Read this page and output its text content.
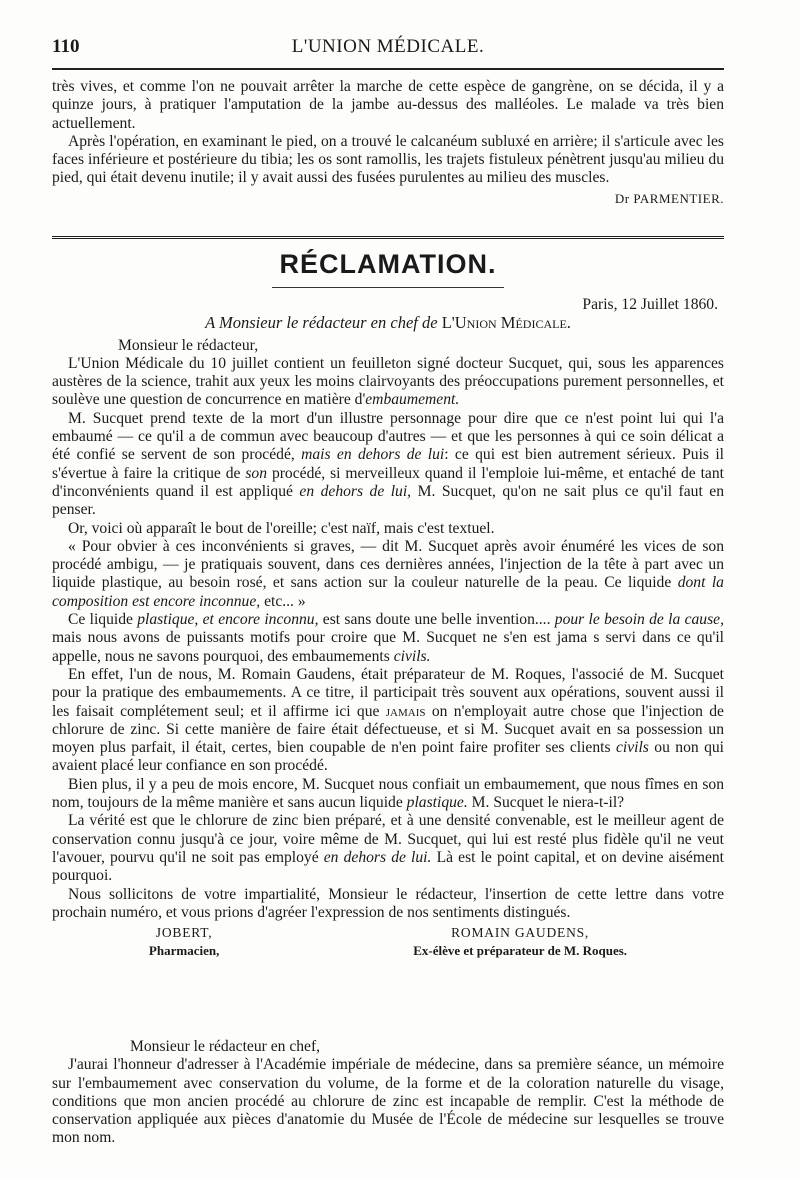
110	L'UNION MÉDICALE.

très vives, et comme l'on ne pouvait arrêter la marche de cette espèce de gangrène, on se décida, il y a quinze jours, à pratiquer l'amputation de la jambe au-dessus des malléoles. Le malade va très bien actuellement.

Après l'opération, en examinant le pied, on a trouvé le calcanéum subluxé en arrière; il s'articule avec les faces inférieure et postérieure du tibia; les os sont ramollis, les trajets fistuleux pénètrent jusqu'au milieu du pied, qui était devenu inutile; il y avait aussi des fusées purulentes au milieu des muscles.

Dr PARMENTIER.
RÉCLAMATION.
Paris, 12 Juillet 1860.
A Monsieur le rédacteur en chef de L'Union Médicale.

Monsieur le rédacteur,

L'Union Médicale du 10 juillet contient un feuilleton signé docteur Sucquet, qui, sous les apparences austères de la science, trahit aux yeux les moins clairvoyants des préoccupations purement personnelles, et soulève une question de concurrence en matière d'embaumement.

M. Sucquet prend texte de la mort d'un illustre personnage pour dire que ce n'est point lui qui l'a embaumé — ce qu'il a de commun avec beaucoup d'autres — et que les personnes à qui ce soin délicat a été confié se servent de son procédé, mais en dehors de lui: ce qui est bien autrement sérieux. Puis il s'évertue à faire la critique de son procédé, si merveilleux quand il l'emploie lui-même, et entaché de tant d'inconvénients quand il est appliqué en dehors de lui, M. Sucquet, qu'on ne sait plus ce qu'il faut en penser.

Or, voici où apparaît le bout de l'oreille; c'est naïf, mais c'est textuel.

« Pour obvier à ces inconvénients si graves, — dit M. Sucquet après avoir énuméré les vices de son procédé ambigu, — je pratiquais souvent, dans ces dernières années, l'injection de la tête à part avec un liquide plastique, au besoin rosé, et sans action sur la couleur naturelle de la peau. Ce liquide dont la composition est encore inconnue, etc... »

Ce liquide plastique, et encore inconnu, est sans doute une belle invention.... pour le besoin de la cause, mais nous avons de puissants motifs pour croire que M. Sucquet ne s'en est jama s servi dans ce qu'il appelle, nous ne savons pourquoi, des embaumements civils.

En effet, l'un de nous, M. Romain Gaudens, était préparateur de M. Roques, l'associé de M. Sucquet pour la pratique des embaumements. A ce titre, il participait très souvent aux opérations, souvent aussi il les faisait complétement seul; et il affirme ici que jamais on n'employait autre chose que l'injection de chlorure de zinc. Si cette manière de faire était défectueuse, et si M. Sucquet avait en sa possession un moyen plus parfait, il était, certes, bien coupable de n'en point faire profiter ses clients civils ou non qui avaient placé leur confiance en son procédé.

Bien plus, il y a peu de mois encore, M. Sucquet nous confiait un embaumement, que nous fîmes en son nom, toujours de la même manière et sans aucun liquide plastique. M. Sucquet le niera-t-il?

La vérité est que le chlorure de zinc bien préparé, et à une densité convenable, est le meilleur agent de conservation connu jusqu'à ce jour, voire même de M. Sucquet, qui lui est resté plus fidèle qu'il ne veut l'avouer, pourvu qu'il ne soit pas employé en dehors de lui. Là est le point capital, et on devine aisément pourquoi.

Nous sollicitons de votre impartialité, Monsieur le rédacteur, l'insertion de cette lettre dans votre prochain numéro, et vous prions d'agréer l'expression de nos sentiments distingués.

JOBERT,
Pharmacien,
ROMAIN GAUDENS,
Ex-élève et préparateur de M. Roques.

Monsieur le rédacteur en chef,

J'aurai l'honneur d'adresser à l'Académie impériale de médecine, dans sa première séance, un mémoire sur l'embaumement avec conservation du volume, de la forme et de la coloration naturelle du visage, conditions que mon ancien procédé au chlorure de zinc est incapable de remplir. C'est la méthode de conservation appliquée aux pièces d'anatomie du Musée de l'École de médecine sur lesquelles se trouve mon nom.
